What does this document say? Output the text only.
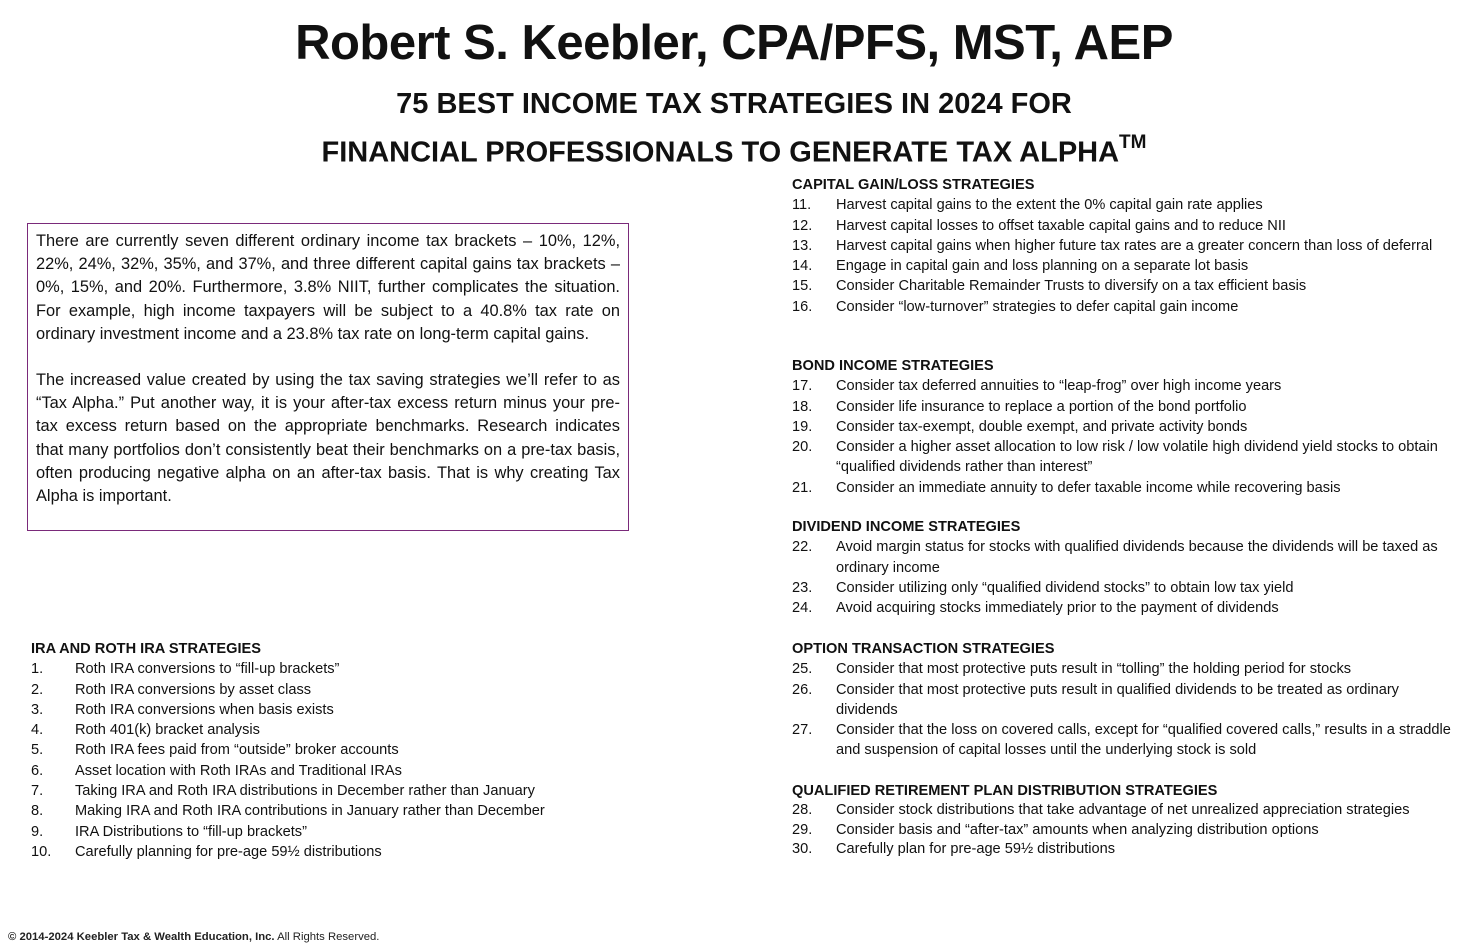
Robert S. Keebler, CPA/PFS, MST, AEP
75 BEST INCOME TAX STRATEGIES IN 2024 FOR
FINANCIAL PROFESSIONALS TO GENERATE TAX ALPHA™

There are currently seven different ordinary income tax brackets – 10%, 12%, 22%, 24%, 32%, 35%, and 37%, and three different capital gains tax brackets – 0%, 15%, and 20%. Furthermore, 3.8% NIIT, further complicates the situation. For example, high income taxpayers will be subject to a 40.8% tax rate on ordinary investment income and a 23.8% tax rate on long-term capital gains.

The increased value created by using the tax saving strategies we’ll refer to as “Tax Alpha.” Put another way, it is your after-tax excess return minus your pre-tax excess return based on the appropriate benchmarks. Research indicates that many portfolios don’t consistently beat their benchmarks on a pre-tax basis, often producing negative alpha on an after-tax basis. That is why creating Tax Alpha is important.

IRA AND ROTH IRA STRATEGIES
1.	Roth IRA conversions to “fill-up brackets”
2.	Roth IRA conversions by asset class
3.	Roth IRA conversions when basis exists
4.	Roth 401(k) bracket analysis
5.	Roth IRA fees paid from “outside” broker accounts
6.	Asset location with Roth IRAs and Traditional IRAs
7.	Taking IRA and Roth IRA distributions in December rather than January
8.	Making IRA and Roth IRA contributions in January rather than December
9.	IRA Distributions to “fill-up brackets”
10.	Carefully planning for pre-age 59½ distributions
CAPITAL GAIN/LOSS STRATEGIES
11.	Harvest capital gains to the extent the 0% capital gain rate applies
12.	Harvest capital losses to offset taxable capital gains and to reduce NII
13.	Harvest capital gains when higher future tax rates are a greater concern than loss of deferral
14.	Engage in capital gain and loss planning on a separate lot basis
15.	Consider Charitable Remainder Trusts to diversify on a tax efficient basis
16.	Consider “low-turnover” strategies to defer capital gain income
BOND INCOME STRATEGIES
17.	Consider tax deferred annuities to “leap-frog” over high income years
18.	Consider life insurance to replace a portion of the bond portfolio
19.	Consider tax-exempt, double exempt, and private activity bonds
20.	Consider a higher asset allocation to low risk / low volatile high dividend yield stocks to obtain “qualified dividends rather than interest”
21.	Consider an immediate annuity to defer taxable income while recovering basis
DIVIDEND INCOME STRATEGIES
22.	Avoid margin status for stocks with qualified dividends because the dividends will be taxed as ordinary income
23.	Consider utilizing only “qualified dividend stocks” to obtain low tax yield
24.	Avoid acquiring stocks immediately prior to the payment of dividends
OPTION TRANSACTION STRATEGIES
25.	Consider that most protective puts result in “tolling” the holding period for stocks
26.	Consider that most protective puts result in qualified dividends to be treated as ordinary dividends
27.	Consider that the loss on covered calls, except for “qualified covered calls,” results in a straddle and suspension of capital losses until the underlying stock is sold
QUALIFIED RETIREMENT PLAN DISTRIBUTION STRATEGIES
28.	Consider stock distributions that take advantage of net unrealized appreciation strategies
29.	Consider basis and “after-tax” amounts when analyzing distribution options
30.	Carefully plan for pre-age 59½ distributions
© 2014-2024 Keebler Tax & Wealth Education, Inc. All Rights Reserved.
